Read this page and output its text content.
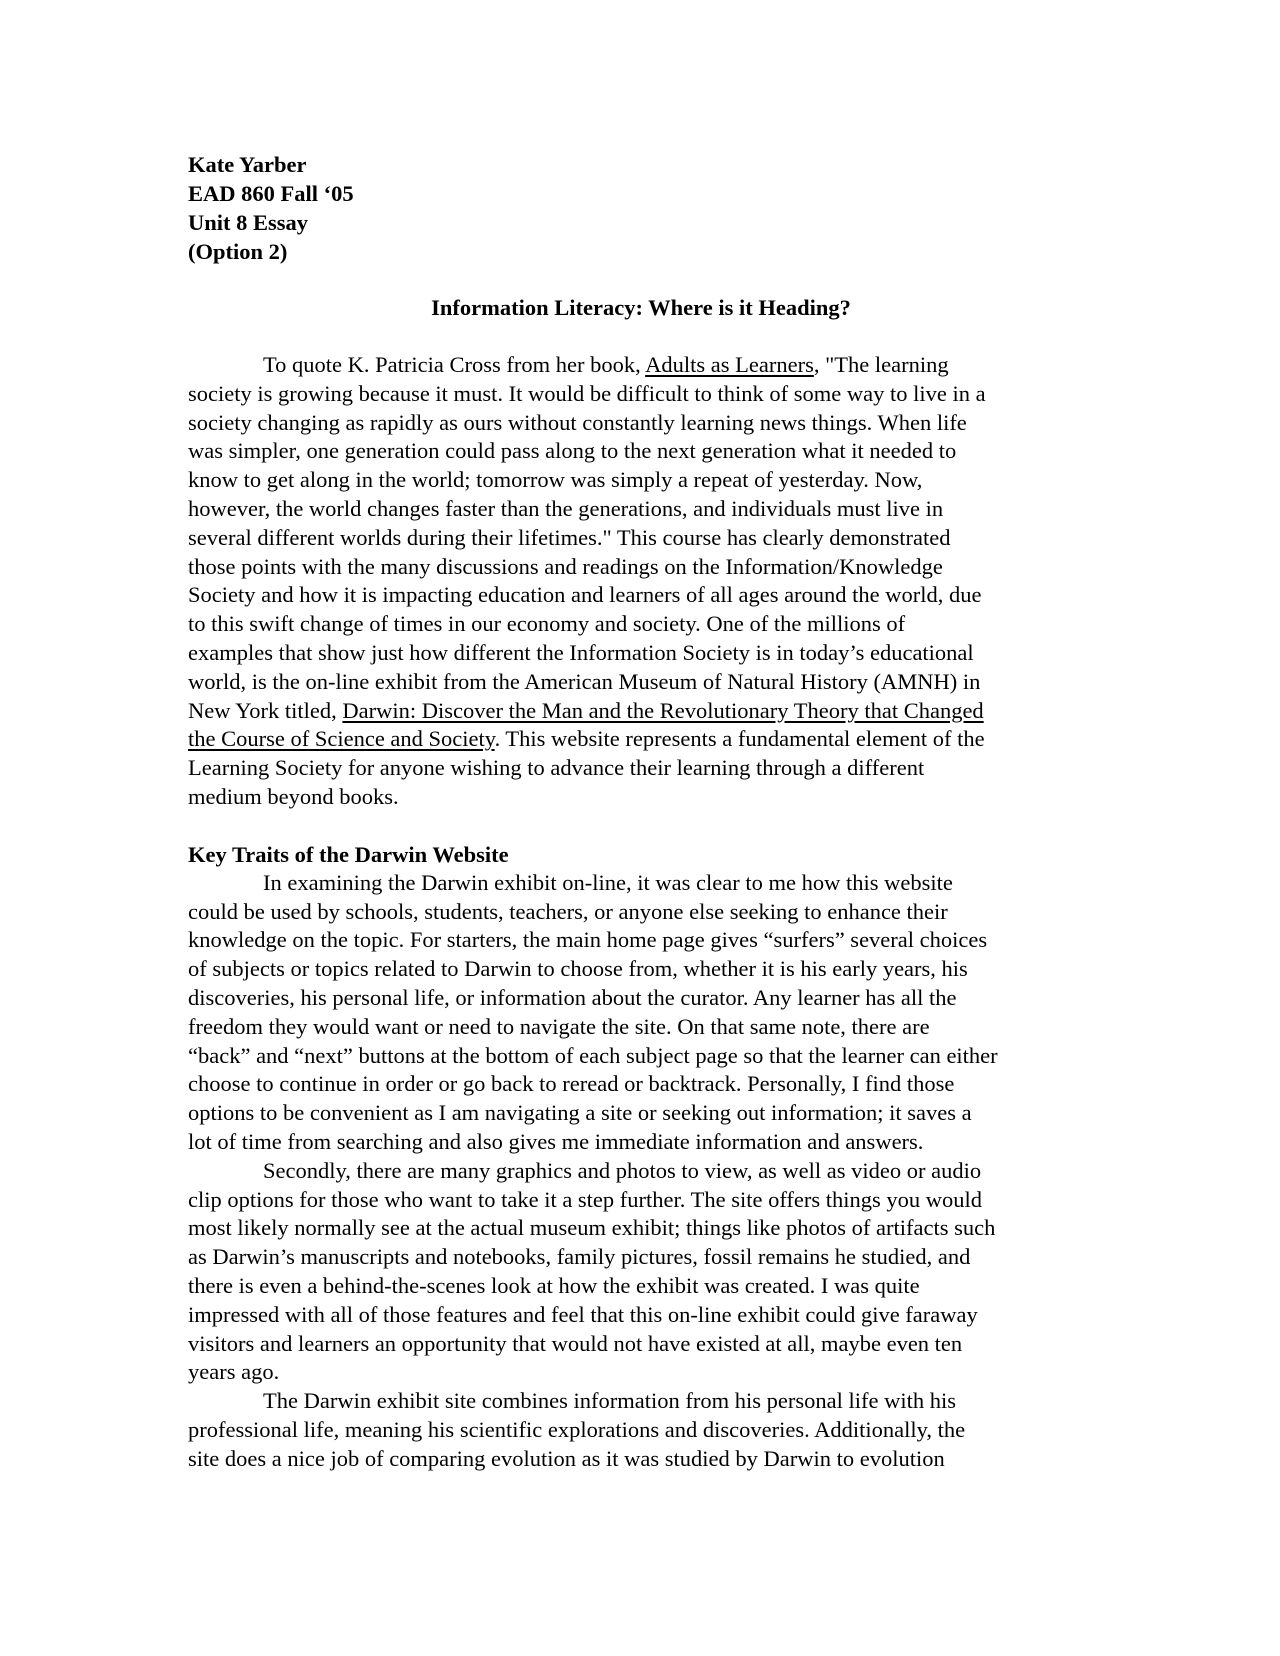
Kate Yarber
EAD 860 Fall ‘05
Unit 8 Essay
(Option 2)
Information Literacy: Where is it Heading?
To quote K. Patricia Cross from her book, Adults as Learners, "The learning
society is growing because it must. It would be difficult to think of some way to live in a
society changing as rapidly as ours without constantly learning news things. When life
was simpler, one generation could pass along to the next generation what it needed to
know to get along in the world; tomorrow was simply a repeat of yesterday. Now,
however, the world changes faster than the generations, and individuals must live in
several different worlds during their lifetimes." This course has clearly demonstrated
those points with the many discussions and readings on the Information/Knowledge
Society and how it is impacting education and learners of all ages around the world, due
to this swift change of times in our economy and society. One of the millions of
examples that show just how different the Information Society is in today’s educational
world, is the on-line exhibit from the American Museum of Natural History (AMNH) in
New York titled, Darwin: Discover the Man and the Revolutionary Theory that Changed
the Course of Science and Society. This website represents a fundamental element of the
Learning Society for anyone wishing to advance their learning through a different
medium beyond books.
Key Traits of the Darwin Website
In examining the Darwin exhibit on-line, it was clear to me how this website
could be used by schools, students, teachers, or anyone else seeking to enhance their
knowledge on the topic. For starters, the main home page gives “surfers” several choices
of subjects or topics related to Darwin to choose from, whether it is his early years, his
discoveries, his personal life, or information about the curator. Any learner has all the
freedom they would want or need to navigate the site. On that same note, there are
“back” and “next” buttons at the bottom of each subject page so that the learner can either
choose to continue in order or go back to reread or backtrack. Personally, I find those
options to be convenient as I am navigating a site or seeking out information; it saves a
lot of time from searching and also gives me immediate information and answers.
Secondly, there are many graphics and photos to view, as well as video or audio
clip options for those who want to take it a step further. The site offers things you would
most likely normally see at the actual museum exhibit; things like photos of artifacts such
as Darwin’s manuscripts and notebooks, family pictures, fossil remains he studied, and
there is even a behind-the-scenes look at how the exhibit was created. I was quite
impressed with all of those features and feel that this on-line exhibit could give faraway
visitors and learners an opportunity that would not have existed at all, maybe even ten
years ago.
The Darwin exhibit site combines information from his personal life with his
professional life, meaning his scientific explorations and discoveries. Additionally, the
site does a nice job of comparing evolution as it was studied by Darwin to evolution
